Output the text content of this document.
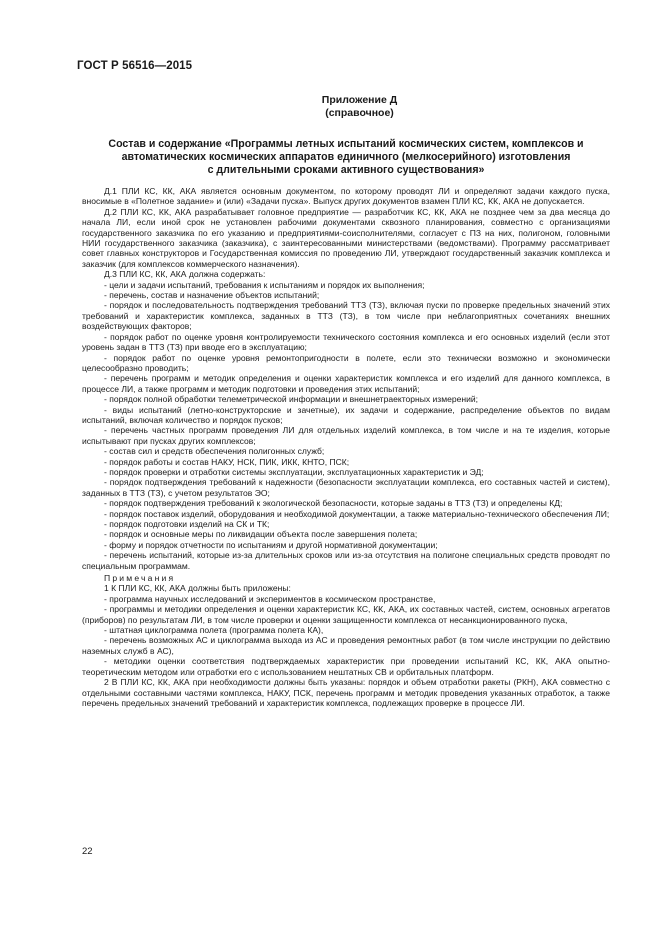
ГОСТ Р 56516—2015
Приложение Д
(справочное)
Состав и содержание «Программы летных испытаний космических систем, комплексов и
автоматических космических аппаратов единичного (мелкосерийного) изготовления
с длительными сроками активного существования»

Д.1 ПЛИ КС, КК, АКА является основным документом, по которому проводят ЛИ и определяют задачи каждого пуска, вносимые в «Полетное задание» и (или) «Задачи пуска». Выпуск других документов взамен ПЛИ КС, КК, АКА не допускается.

Д.2 ПЛИ КС, КК, АКА разрабатывает головное предприятие — разработчик КС, КК, АКА не позднее чем за два месяца до начала ЛИ, если иной срок не установлен рабочими документами сквозного планирования, совместно с организациями государственного заказчика по его указанию и предприятиями-соисполнителями, согласует с ПЗ на них, полигоном, головными НИИ государственного заказчика (заказчика), с заинтересованными министерствами (ведомствами). Программу рассматривает совет главных конструкторов и Государственная комиссия по проведению ЛИ, утверждают государственный заказчик комплекса и заказчик (для комплексов коммерческого назначения).

Д.3 ПЛИ КС, КК, АКА должна содержать:

- цели и задачи испытаний, требования к испытаниям и порядок их выполнения;

- перечень, состав и назначение объектов испытаний;

- порядок и последовательность подтверждения требований ТТЗ (ТЗ), включая пуски по проверке предельных значений этих требований и характеристик комплекса, заданных в ТТЗ (ТЗ), в том числе при неблагоприятных сочетаниях внешних воздействующих факторов;

- порядок работ по оценке уровня контролируемости технического состояния комплекса и его основных изделий (если этот уровень задан в ТТЗ (ТЗ) при вводе его в эксплуатацию;

- порядок работ по оценке уровня ремонтопригодности в полете, если это технически возможно и экономически целесообразно проводить;

- перечень программ и методик определения и оценки характеристик комплекса и его изделий для данного комплекса, в процессе ЛИ, а также программ и методик подготовки и проведения этих испытаний;

- порядок полной обработки телеметрической информации и внешнетраекторных измерений;

- виды испытаний (летно-конструкторские и зачетные), их задачи и содержание, распределение объектов по видам испытаний, включая количество и порядок пусков;

- перечень частных программ проведения ЛИ для отдельных изделий комплекса, в том числе и на те изделия, которые испытывают при пусках других комплексов;

- состав сил и средств обеспечения полигонных служб;

- порядок работы и состав НАКУ, НСК, ПИК, ИКК, КНТО, ПСК;

- порядок проверки и отработки системы эксплуатации, эксплуатационных характеристик и ЭД;

- порядок подтверждения требований к надежности (безопасности эксплуатации комплекса, его составных частей и систем), заданных в ТТЗ (ТЗ), с учетом результатов ЭО;

- порядок подтверждения требований к экологической безопасности, которые заданы в ТТЗ (ТЗ) и определены КД;

- порядок поставок изделий, оборудования и необходимой документации, а также материально-технического обеспечения ЛИ;

- порядок подготовки изделий на СК и ТК;

- порядок и основные меры по ликвидации объекта после завершения полета;

- форму и порядок отчетности по испытаниям и другой нормативной документации;

- перечень испытаний, которые из-за длительных сроков или из-за отсутствия на полигоне специальных средств проводят по специальным программам.

Примечания

1 К ПЛИ КС, КК, АКА должны быть приложены:

- программа научных исследований и экспериментов в космическом пространстве,

- программы и методики определения и оценки характеристик КС, КК, АКА, их составных частей, систем, основных агрегатов (приборов) по результатам ЛИ, в том числе проверки и оценки защищенности комплекса от несанкционированного пуска,

- штатная циклограмма полета (программа полета КА),

- перечень возможных АС и циклограмма выхода из АС и проведения ремонтных работ (в том числе инструкции по действию наземных служб в АС),

- методики оценки соответствия подтверждаемых характеристик при проведении испытаний КС, КК, АКА опытно-теоретическим методом или отработки его с использованием нештатных СВ и орбитальных платформ.

2 В ПЛИ КС, КК, АКА при необходимости должны быть указаны: порядок и объем отработки ракеты (РКН), АКА совместно с отдельными составными частями комплекса, НАКУ, ПСК, перечень программ и методик проведения указанных отработок, а также перечень предельных значений требований и характеристик комплекса, подлежащих проверке в процессе ЛИ.

22
